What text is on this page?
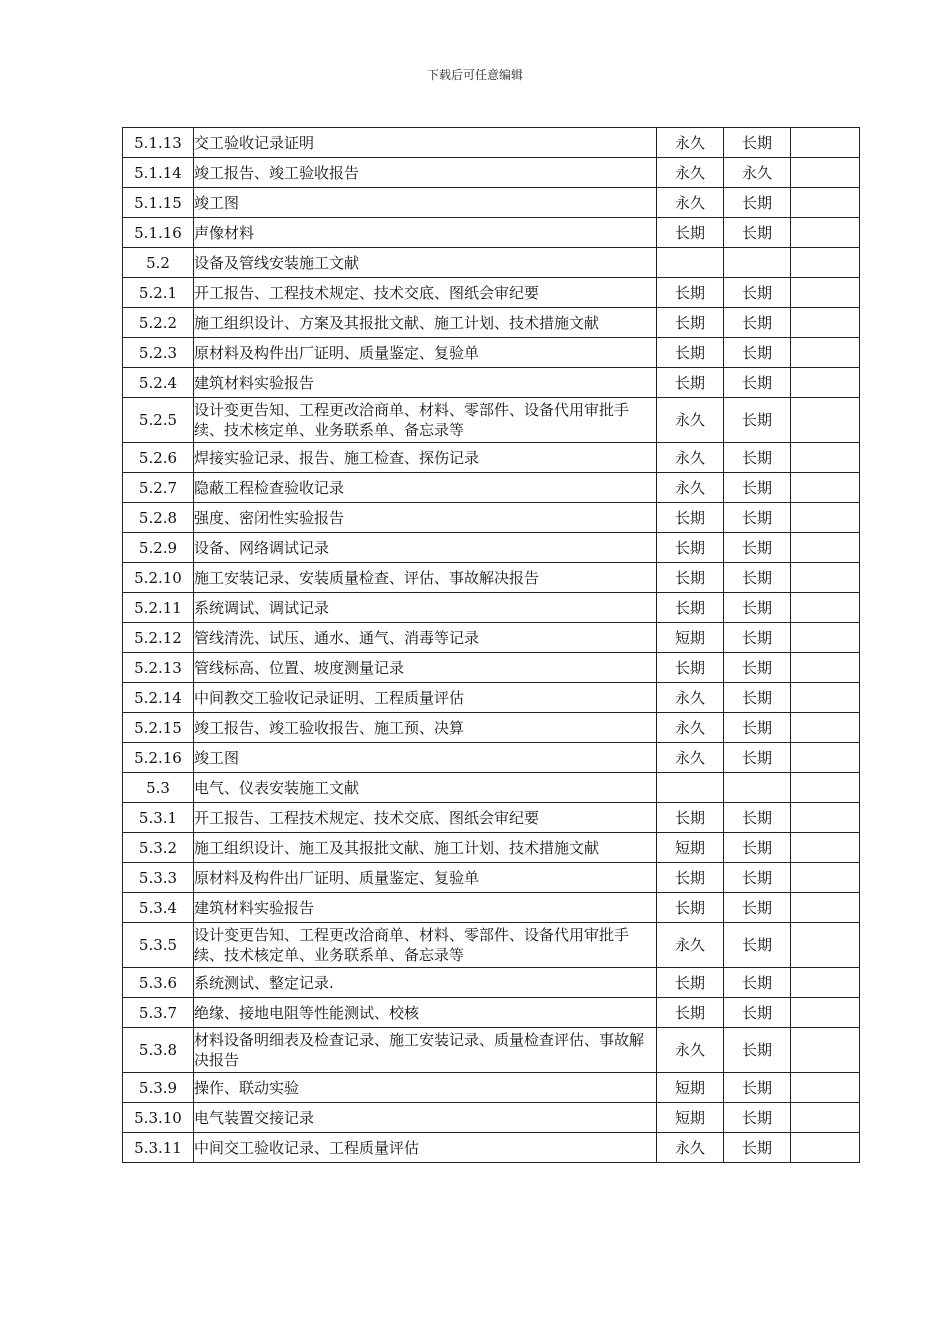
下载后可任意编辑
5.1.13	交工验收记录证明	永久	长期	
5.1.14	竣工报告、竣工验收报告	永久	永久	
5.1.15	竣工图	永久	长期	
5.1.16	声像材料	长期	长期	
5.2	设备及管线安装施工文献			
5.2.1	开工报告、工程技术规定、技术交底、图纸会审纪要	长期	长期	
5.2.2	施工组织设计、方案及其报批文献、施工计划、技术措施文献	长期	长期	
5.2.3	原材料及构件出厂证明、质量鉴定、复验单	长期	长期	
5.2.4	建筑材料实验报告	长期	长期	
5.2.5	设计变更告知、工程更改洽商单、材料、零部件、设备代用审批手续、技术核定单、业务联系单、备忘录等	永久	长期	
5.2.6	焊接实验记录、报告、施工检查、探伤记录	永久	长期	
5.2.7	隐蔽工程检查验收记录	永久	长期	
5.2.8	强度、密闭性实验报告	长期	长期	
5.2.9	设备、网络调试记录	长期	长期	
5.2.10	施工安装记录、安装质量检查、评估、事故解决报告	长期	长期	
5.2.11	系统调试、调试记录	长期	长期	
5.2.12	管线清洗、试压、通水、通气、消毒等记录	短期	长期	
5.2.13	管线标高、位置、坡度测量记录	长期	长期	
5.2.14	中间教交工验收记录证明、工程质量评估	永久	长期	
5.2.15	竣工报告、竣工验收报告、施工预、决算	永久	长期	
5.2.16	竣工图	永久	长期	
5.3	电气、仪表安装施工文献			
5.3.1	开工报告、工程技术规定、技术交底、图纸会审纪要	长期	长期	
5.3.2	施工组织设计、施工及其报批文献、施工计划、技术措施文献	短期	长期	
5.3.3	原材料及构件出厂证明、质量鉴定、复验单	长期	长期	
5.3.4	建筑材料实验报告	长期	长期	
5.3.5	设计变更告知、工程更改洽商单、材料、零部件、设备代用审批手续、技术核定单、业务联系单、备忘录等	永久	长期	
5.3.6	系统测试、整定记录.	长期	长期	
5.3.7	绝缘、接地电阻等性能测试、校核	长期	长期	
5.3.8	材料设备明细表及检查记录、施工安装记录、质量检查评估、事故解决报告	永久	长期	
5.3.9	操作、联动实验	短期	长期	
5.3.10	电气装置交接记录	短期	长期	
5.3.11	中间交工验收记录、工程质量评估	永久	长期	
